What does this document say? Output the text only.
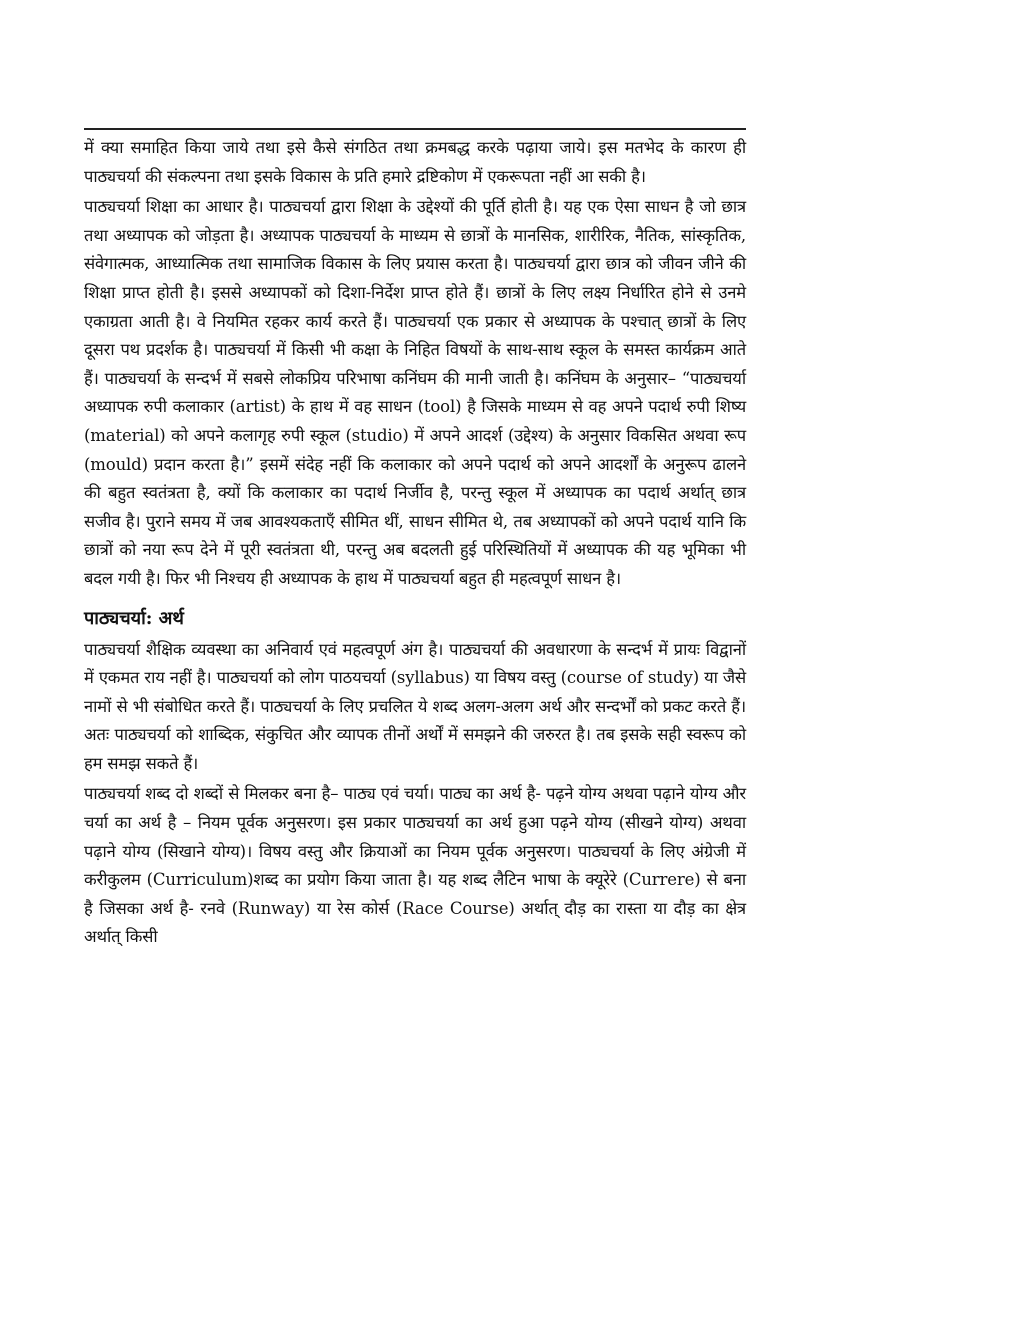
में क्या समाहित किया जाये तथा इसे कैसे संगठित तथा क्रमबद्ध करके पढ़ाया जाये। इस मतभेद के कारण ही पाठ्यचर्या की संकल्पना तथा इसके विकास के प्रति हमारे द्रष्टिकोण में एकरूपता नहीं आ सकी है।

पाठ्यचर्या शिक्षा का आधार है। पाठ्यचर्या द्वारा शिक्षा के उद्देश्यों की पूर्ति होती है। यह एक ऐसा साधन है जो छात्र तथा अध्यापक को जोड़ता है। अध्यापक पाठ्यचर्या के माध्यम से छात्रों के मानसिक, शारीरिक, नैतिक, सांस्कृतिक, संवेगात्मक, आध्यात्मिक तथा सामाजिक विकास के लिए प्रयास करता है। पाठ्यचर्या द्वारा छात्र को जीवन जीने की शिक्षा प्राप्त होती है। इससे अध्यापकों को दिशा-निर्देश प्राप्त होते हैं। छात्रों के लिए लक्ष्य निर्धारित होने से उनमे एकाग्रता आती है। वे नियमित रहकर कार्य करते हैं। पाठ्यचर्या एक प्रकार से अध्यापक के पश्चात् छात्रों के लिए दूसरा पथ प्रदर्शक है। पाठ्यचर्या में किसी भी कक्षा के निहित विषयों के साथ-साथ स्कूल के समस्त कार्यक्रम आते हैं। पाठ्यचर्या के सन्दर्भ में सबसे लोकप्रिय परिभाषा कनिंघम की मानी जाती है। कनिंघम के अनुसार– “पाठ्यचर्या अध्यापक रुपी कलाकार (artist) के हाथ में वह साधन (tool) है जिसके माध्यम से वह अपने पदार्थ रुपी शिष्य (material) को अपने कलागृह रुपी स्कूल (studio) में अपने आदर्श (उद्देश्य) के अनुसार विकसित अथवा रूप (mould) प्रदान करता है।” इसमें संदेह नहीं कि कलाकार को अपने पदार्थ को अपने आदर्शों के अनुरूप ढालने की बहुत स्वतंत्रता है, क्यों कि कलाकार का पदार्थ निर्जीव है, परन्तु स्कूल में अध्यापक का पदार्थ अर्थात् छात्र सजीव है। पुराने समय में जब आवश्यकताएँ सीमित थीं, साधन सीमित थे, तब अध्यापकों को अपने पदार्थ यानि कि छात्रों को नया रूप देने में पूरी स्वतंत्रता थी, परन्तु अब बदलती हुई परिस्थितियों में अध्यापक की यह भूमिका भी बदल गयी है। फिर भी निश्चय ही अध्यापक के हाथ में पाठ्यचर्या बहुत ही महत्वपूर्ण साधन है।

पाठ्यचर्या: अर्थ

पाठ्यचर्या शैक्षिक व्यवस्था का अनिवार्य एवं महत्वपूर्ण अंग है। पाठ्यचर्या की अवधारणा के सन्दर्भ में प्रायः विद्वानों में एकमत राय नहीं है। पाठ्यचर्या को लोग पाठयचर्या (syllabus) या विषय वस्तु (course of study) या जैसे नामों से भी संबोधित करते हैं। पाठ्यचर्या के लिए प्रचलित ये शब्द अलग-अलग अर्थ और सन्दर्भों को प्रकट करते हैं। अतः पाठ्यचर्या को शाब्दिक, संकुचित और व्यापक तीनों अर्थों में समझने की जरुरत है। तब इसके सही स्वरूप को हम समझ सकते हैं।

पाठ्यचर्या शब्द दो शब्दों से मिलकर बना है– पाठ्य एवं चर्या। पाठ्य का अर्थ है- पढ़ने योग्य अथवा पढ़ाने योग्य और चर्या का अर्थ है – नियम पूर्वक अनुसरण। इस प्रकार पाठ्यचर्या का अर्थ हुआ पढ़ने योग्य (सीखने योग्य) अथवा पढ़ाने योग्य (सिखाने योग्य)। विषय वस्तु और क्रियाओं का नियम पूर्वक अनुसरण। पाठ्यचर्या के लिए अंग्रेजी में करीकुलम (Curriculum)शब्द का प्रयोग किया जाता है। यह शब्द लैटिन भाषा के क्यूरेरे (Currere) से बना है जिसका अर्थ है- रनवे (Runway) या रेस कोर्स (Race Course) अर्थात् दौड़ का रास्ता या दौड़ का क्षेत्र अर्थात् किसी
